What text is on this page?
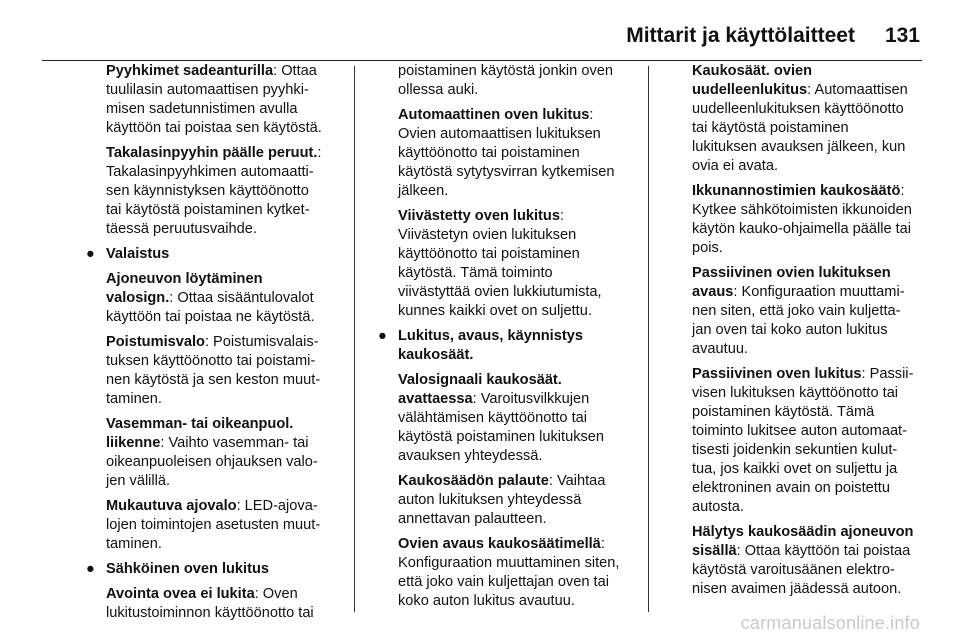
Mittarit ja käyttölaitteet 131
Pyyhkimet sadeanturilla: Ottaa tuulilasin automaattisen pyyhkimisen sadetunnistimen avulla käyttöön tai poistaa sen käytöstä.
Takalasinpyyhin päälle peruut.: Takalasinpyyhkimen automaattisen käynnistyksen käyttöönotto tai käytöstä poistaminen kytkettäessä peruutusvaihde.
● Valaistus
Ajoneuvon löytäminen valosign.: Ottaa sisääntulovalot käyttöön tai poistaa ne käytöstä.
Poistumisvalo: Poistumisvalaistuksen käyttöönotto tai poistaminen käytöstä ja sen keston muuttaminen.
Vasemman- tai oikeanpuol. liikenne: Vaihto vasemman- tai oikeanpuoleisen ohjauksen valojen välillä.
Mukautuva ajovalo: LED-ajovalojen toimintojen asetusten muuttaminen.
● Sähköinen oven lukitus
Avointa ovea ei lukita: Oven lukitustoiminnon käyttöönotto tai
poistaminen käytöstä jonkin oven ollessa auki.
Automaattinen oven lukitus: Ovien automaattisen lukituksen käyttöönotto tai poistaminen käytöstä sytytysvirran kytkemisen jälkeen.
Viivästetty oven lukitus: Viivästetyn ovien lukituksen käyttöönotto tai poistaminen käytöstä. Tämä toiminto viivästyttää ovien lukkiutumista, kunnes kaikki ovet on suljettu.
● Lukitus, avaus, käynnistys kaukosäät.
Valosignaali kaukosäät. avattaessa: Varoitusvilkkujen välähtämisen käyttöönotto tai käytöstä poistaminen lukituksen avauksen yhteydessä.
Kaukosäädön palaute: Vaihtaa auton lukituksen yhteydessä annettavan palautteen.
Ovien avaus kaukosäätimellä: Konfiguraation muuttaminen siten, että joko vain kuljettajan oven tai koko auton lukitus avautuu.
Kaukosäät. ovien uudelleenlukitus: Automaattisen uudelleenlukituksen käyttöönotto tai käytöstä poistaminen lukituksen avauksen jälkeen, kun ovia ei avata.
Ikkunannostimien kaukosäätö: Kytkee sähkötoimisten ikkunoiden käytön kauko-ohjaimella päälle tai pois.
Passiivinen ovien lukituksen avaus: Konfiguraation muuttaminen siten, että joko vain kuljettajan oven tai koko auton lukitus avautuu.
Passiivinen oven lukitus: Passiivisen lukituksen käyttöönotto tai poistaminen käytöstä. Tämä toiminto lukitsee auton automaattisesti joidenkin sekuntien kuluttua, jos kaikki ovet on suljettu ja elektroninen avain on poistettu autosta.
Hälytys kaukosäädin ajoneuvon sisällä: Ottaa käyttöön tai poistaa käytöstä varoitusäänen elektronisen avaimen jäädessä autoon.
carmanualsonline.info
